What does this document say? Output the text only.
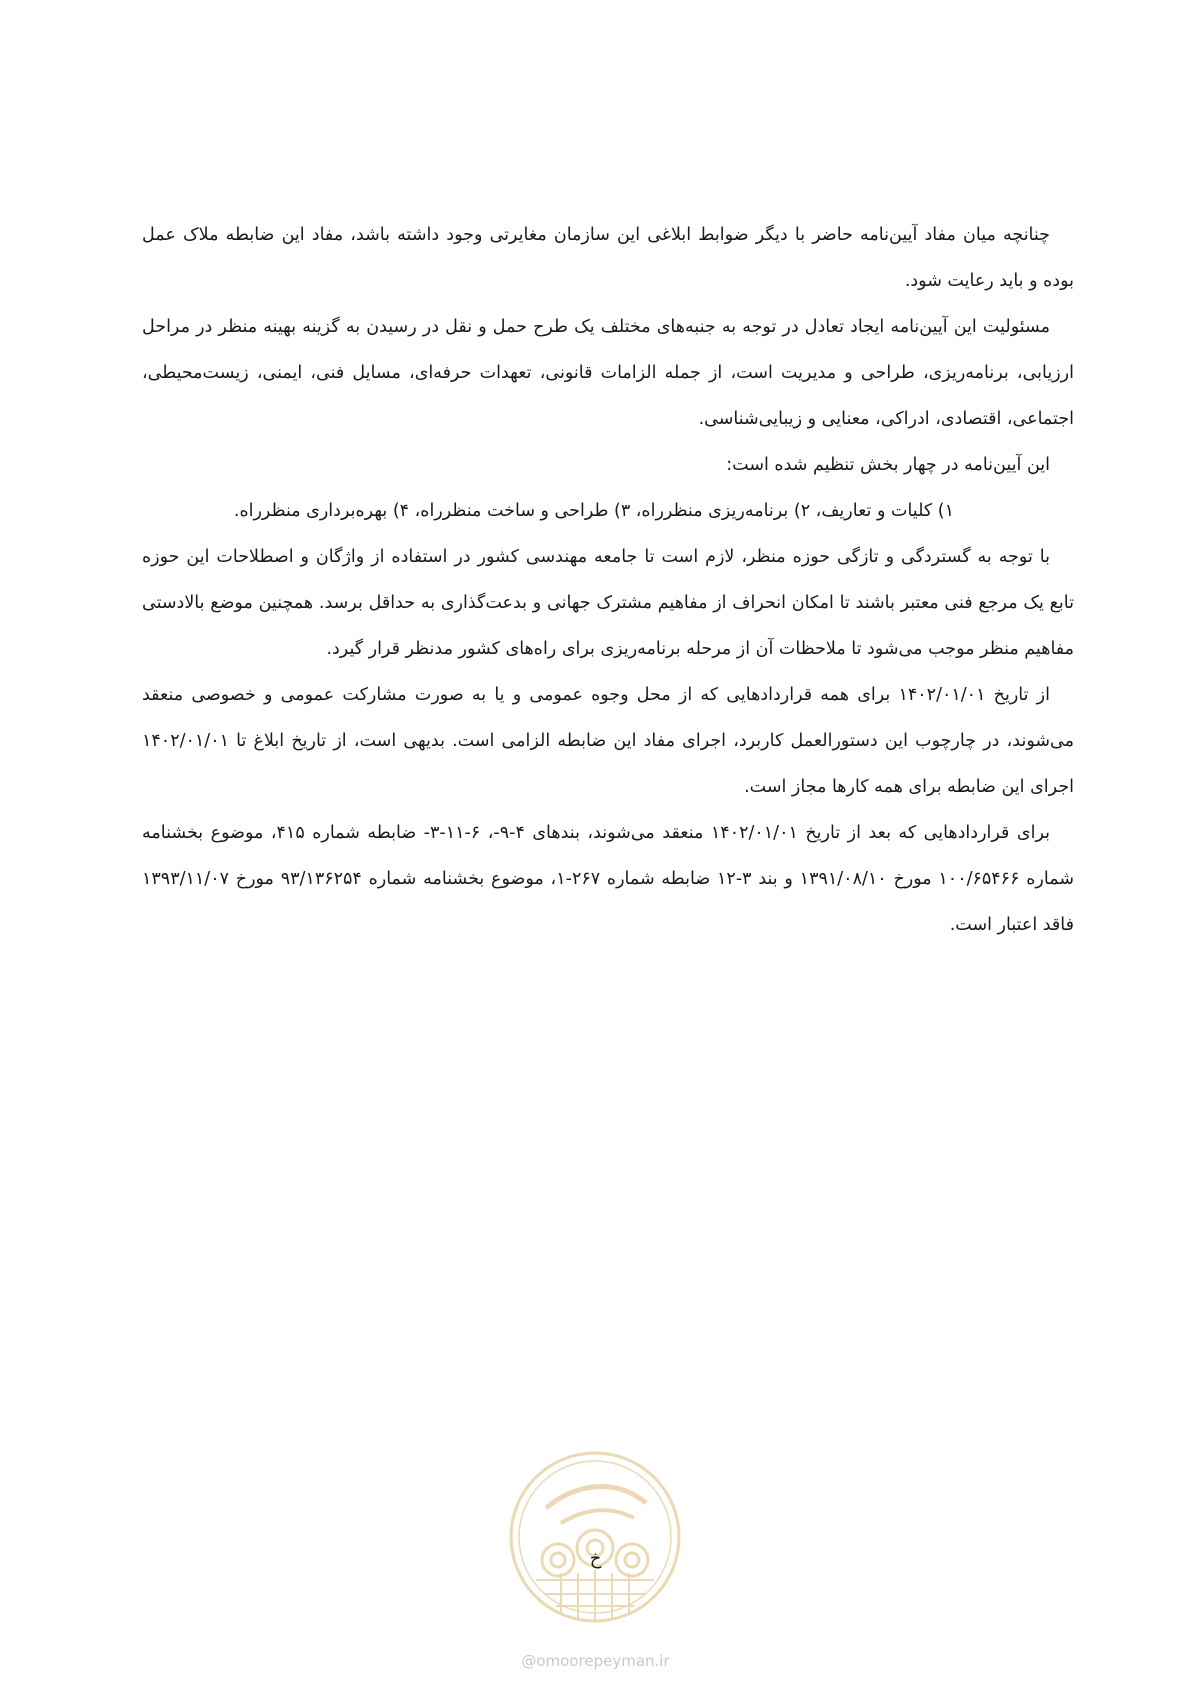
چنانچه میان مفاد آیین‌نامه حاضر با دیگر ضوابط ابلاغی این سازمان مغایرتی وجود داشته باشد، مفاد این ضابطه ملاک عمل بوده و باید رعایت شود.

مسئولیت این آیین‌نامه ایجاد تعادل در توجه به جنبه‌های مختلف یک طرح حمل و نقل در رسیدن به گزینه بهینه منظر در مراحل ارزیابی، برنامه‌ریزی، طراحی و مدیریت است، از جمله الزامات قانونی، تعهدات حرفه‌ای، مسایل فنی، ایمنی، زیست‌محیطی، اجتماعی، اقتصادی، ادراکی، معنایی و زیبایی‌شناسی.

این آیین‌نامه در چهار بخش تنظیم شده است:

۱) کلیات و تعاریف، ۲) برنامه‌ریزی منظرراه، ۳) طراحی و ساخت منظرراه، ۴) بهره‌برداری منظرراه.

با توجه به گستردگی و تازگی حوزه منظر، لازم است تا جامعه مهندسی کشور در استفاده از واژگان و اصطلاحات این حوزه تابع یک مرجع فنی معتبر باشند تا امکان انحراف از مفاهیم مشترک جهانی و بدعت‌گذاری به حداقل برسد. همچنین موضع بالادستی مفاهیم منظر موجب می‌شود تا ملاحظات آن از مرحله برنامه‌ریزی برای راه‌های کشور مدنظر قرار گیرد.

از تاریخ ۱۴۰۲/۰۱/۰۱ برای همه قراردادهایی که از محل وجوه عمومی و یا به صورت مشارکت عمومی و خصوصی منعقد می‌شوند، در چارچوب این دستورالعمل کاربرد، اجرای مفاد این ضابطه الزامی است. بدیهی است، از تاریخ ابلاغ تا ۱۴۰۲/۰۱/۰۱ اجرای این ضابطه برای همه کارها مجاز است.

برای قراردادهایی که بعد از تاریخ ۱۴۰۲/۰۱/۰۱ منعقد می‌شوند، بندهای ۴-۹-، ۶-۱۱-۳- ضابطه شماره ۴۱۵، موضوع بخشنامه شماره ۱۰۰/۶۵۴۶۶ مورخ ۱۳۹۱/۰۸/۱۰ و بند ۳-۱۲ ضابطه شماره ۲۶۷-۱، موضوع بخشنامه شماره ۹۳/۱۳۶۲۵۴ مورخ ۱۳۹۳/۱۱/۰۷ فاقد اعتبار است.

خ
@omoorepeyman.ir
